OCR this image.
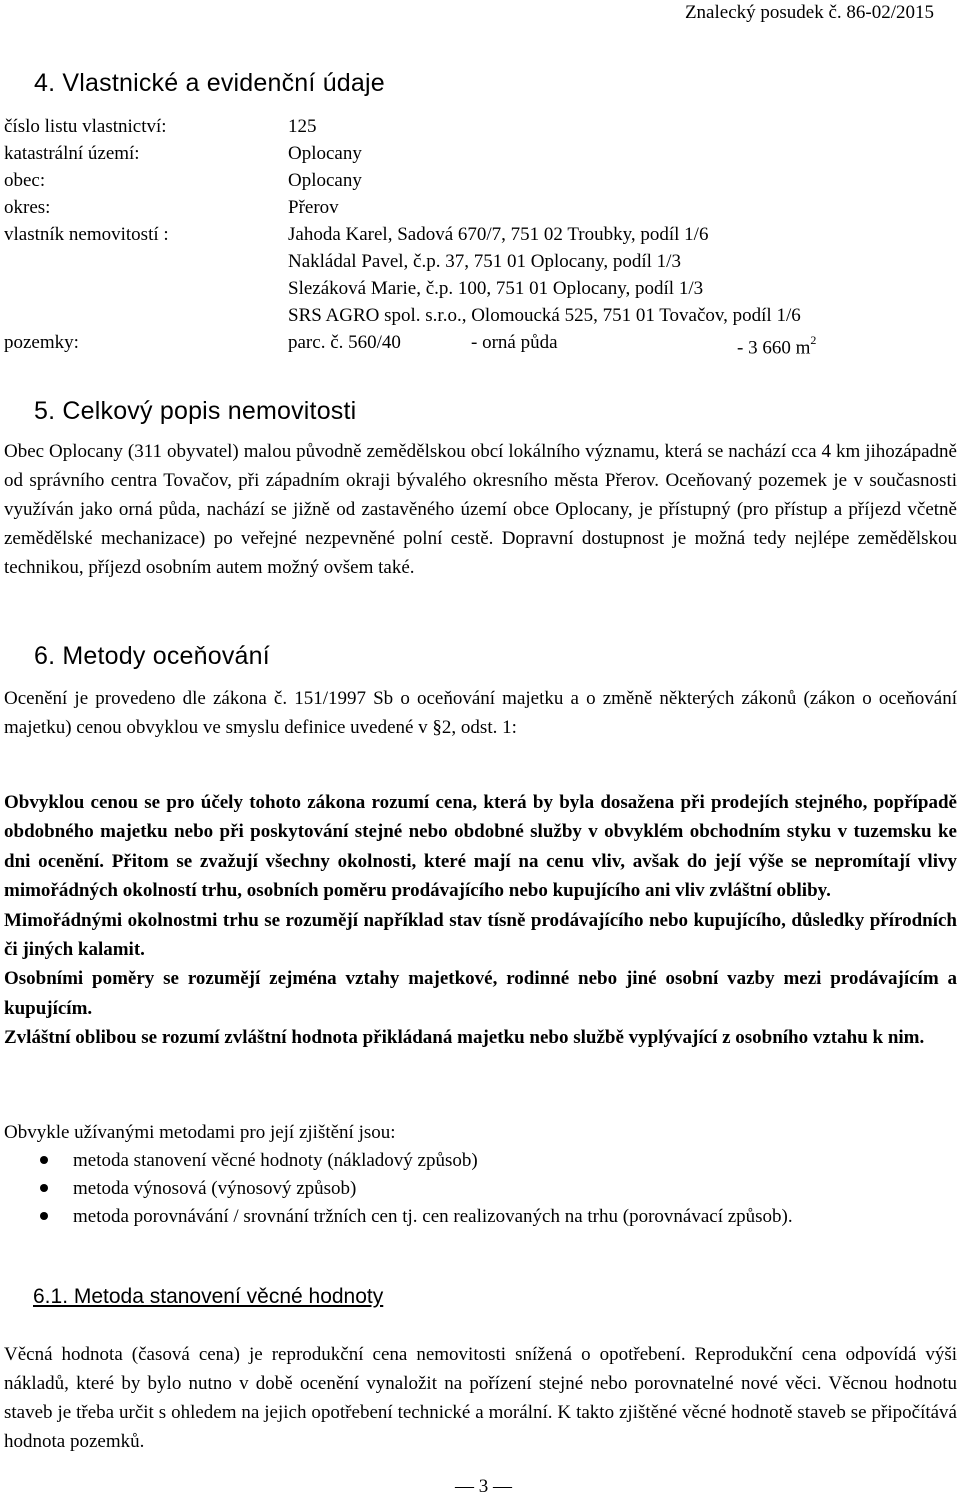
Znalecký posudek č. 86-02/2015
4. Vlastnické a evidenční údaje
číslo listu vlastnictví:	125
katastrální území:	Oplocany
obec:	Oplocany
okres:	Přerov
vlastník nemovitostí :	Jahoda Karel, Sadová 670/7, 751 02 Troubky, podíl 1/6
Nakládal Pavel, č.p. 37, 751 01 Oplocany, podíl 1/3
Slezáková Marie, č.p. 100, 751 01 Oplocany, podíl 1/3
SRS AGRO spol. s.r.o., Olomoucká 525, 751 01 Tovačov, podíl 1/6
pozemky:	parc. č. 560/40	- orná půda	- 3 660 $m^2$
5. Celkový popis nemovitosti
Obec Oplocany (311 obyvatel) malou původně zemědělskou obcí lokálního významu, která se nachází cca 4 km jihozápadně od správního centra Tovačov, při západním okraji bývalého okresního města Přerov. Oceňovaný pozemek je v současnosti využíván jako orná půda, nachází se jižně od zastavěného území obce Oplocany, je přístupný (pro přístup a příjezd včetně zemědělské mechanizace) po veřejné nezpevněné polní cestě. Dopravní dostupnost je možná tedy nejlépe zemědělskou technikou, příjezd osobním autem možný ovšem také.
6. Metody oceňování
Ocenění je provedeno dle zákona č. 151/1997 Sb o oceňování majetku a o změně některých zákonů (zákon o oceňování majetku) cenou obvyklou ve smyslu definice uvedené v §2, odst. 1:

Obvyklou cenou se pro účely tohoto zákona rozumí cena, která by byla dosažena při prodejích stejného, popřípadě obdobného majetku nebo při poskytování stejné nebo obdobné služby v obvyklém obchodním styku v tuzemsku ke dni ocenění. Přitom se zvažují všechny okolnosti, které mají na cenu vliv, avšak do její výše se nepromítají vlivy mimořádných okolností trhu, osobních poměru prodávajícího nebo kupujícího ani vliv zvláštní obliby.

Mimořádnými okolnostmi trhu se rozumějí například stav tísně prodávajícího nebo kupujícího, důsledky přírodních či jiných kalamit.

Osobními poměry se rozumějí zejména vztahy majetkové, rodinné nebo jiné osobní vazby mezi prodávajícím a kupujícím.

Zvláštní oblibou se rozumí zvláštní hodnota přikládaná majetku nebo službě vyplývající z osobního vztahu k nim.

Obvykle užívanými metodami pro její zjištění jsou:
metoda stanovení věcné hodnoty (nákladový způsob)
metoda výnosová (výnosový způsob)
metoda porovnávání / srovnání tržních cen tj. cen realizovaných na trhu (porovnávací způsob).
6.1. Metoda stanovení věcné hodnoty
Věcná hodnota (časová cena) je reprodukční cena nemovitosti snížená o opotřebení. Reprodukční cena odpovídá výši nákladů, které by bylo nutno v době ocenění vynaložit na pořízení stejné nebo porovnatelné nové věci. Věcnou hodnotu staveb je třeba určit s ohledem na jejich opotřebení technické a morální. K takto zjištěné věcné hodnotě staveb se připočítává hodnota pozemků.
— 3 —
